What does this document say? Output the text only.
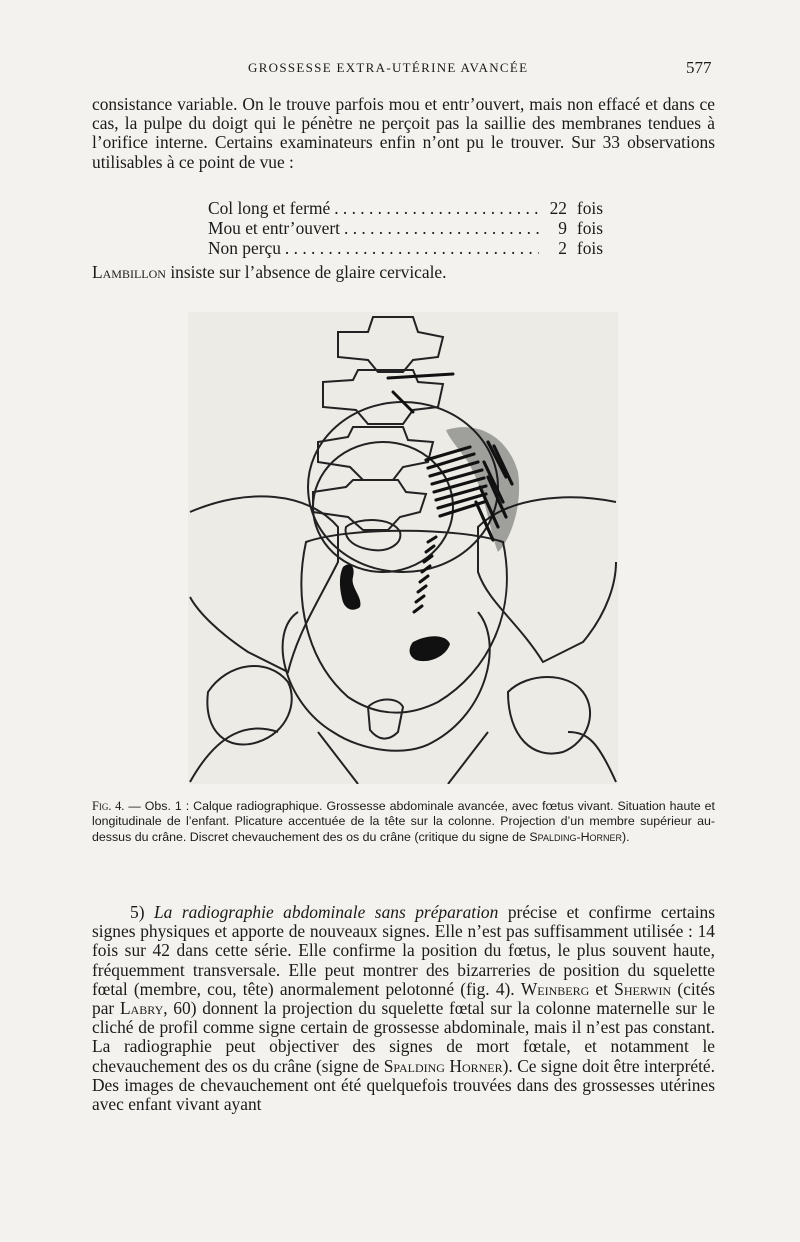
GROSSESSE EXTRA-UTÉRINE AVANCÉE	577

consistance variable. On le trouve parfois mou et entr’ouvert, mais non effacé et dans ce cas, la pulpe du doigt qui le pénètre ne perçoit pas la saillie des membranes tendues à l’orifice interne. Certains examinateurs enfin n’ont pu le trouver. Sur 33 observations utilisables à ce point de vue :

Col long et fermé . . .	22 fois
Mou et entr’ouvert . . .	9 fois
Non perçu . . .	2 fois
Lambillon insiste sur l’absence de glaire cervicale.
Fig. 4. — Obs. 1 : Calque radiographique. Grossesse abdominale avancée, avec fœtus vivant. Situation haute et longitudinale de l’enfant. Plicature accentuée de la tête sur la colonne. Projection d’un membre supérieur au-dessus du crâne. Discret chevauchement des os du crâne (critique du signe de Spalding-Horner).

5) La radiographie abdominale sans préparation précise et confirme certains signes physiques et apporte de nouveaux signes. Elle n’est pas suffisamment utilisée : 14 fois sur 42 dans cette série. Elle confirme la position du fœtus, le plus souvent haute, fréquemment transversale. Elle peut montrer des bizarreries de position du squelette fœtal (membre, cou, tête) anormalement pelotonné (fig. 4). Weinberg et Sherwin (cités par Labry, 60) donnent la projection du squelette fœtal sur la colonne maternelle sur le cliché de profil comme signe certain de grossesse abdominale, mais il n’est pas constant. La radiographie peut objectiver des signes de mort fœtale, et notamment le chevauchement des os du crâne (signe de Spalding Horner). Ce signe doit être interprété. Des images de chevauchement ont été quelquefois trouvées dans des grossesses utérines avec enfant vivant ayant
